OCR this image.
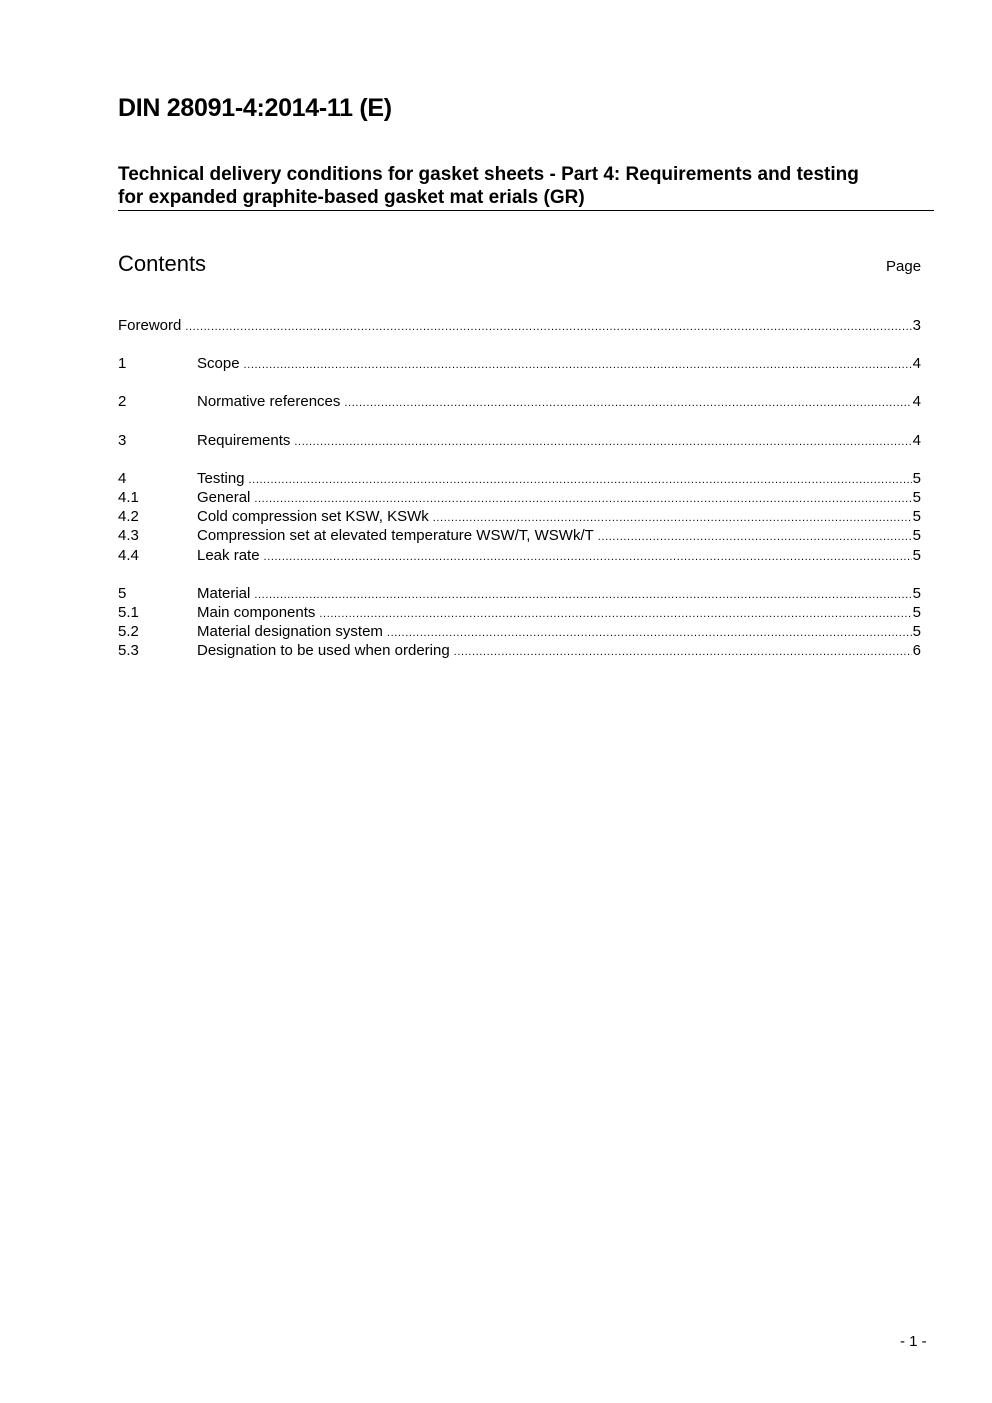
DIN 28091-4:2014-11 (E)
Technical delivery conditions for gasket sheets - Part 4: Requirements and testing
for expanded graphite-based gasket mat erials (GR)
Contents	Page
Foreword .....	3
1	Scope .....	4
2	Normative references .....	4
3	Requirements .....	4
4	Testing .....	5
4.1	General .....	5
4.2	Cold compression set KSW, KSWk .....	5
4.3	Compression set at elevated temperature WSW/T, WSWk/T .....	5
4.4	Leak rate .....	5
5	Material .....	5
5.1	Main components .....	5
5.2	Material designation system .....	5
5.3	Designation to be used when ordering .....	6
- 1 -
